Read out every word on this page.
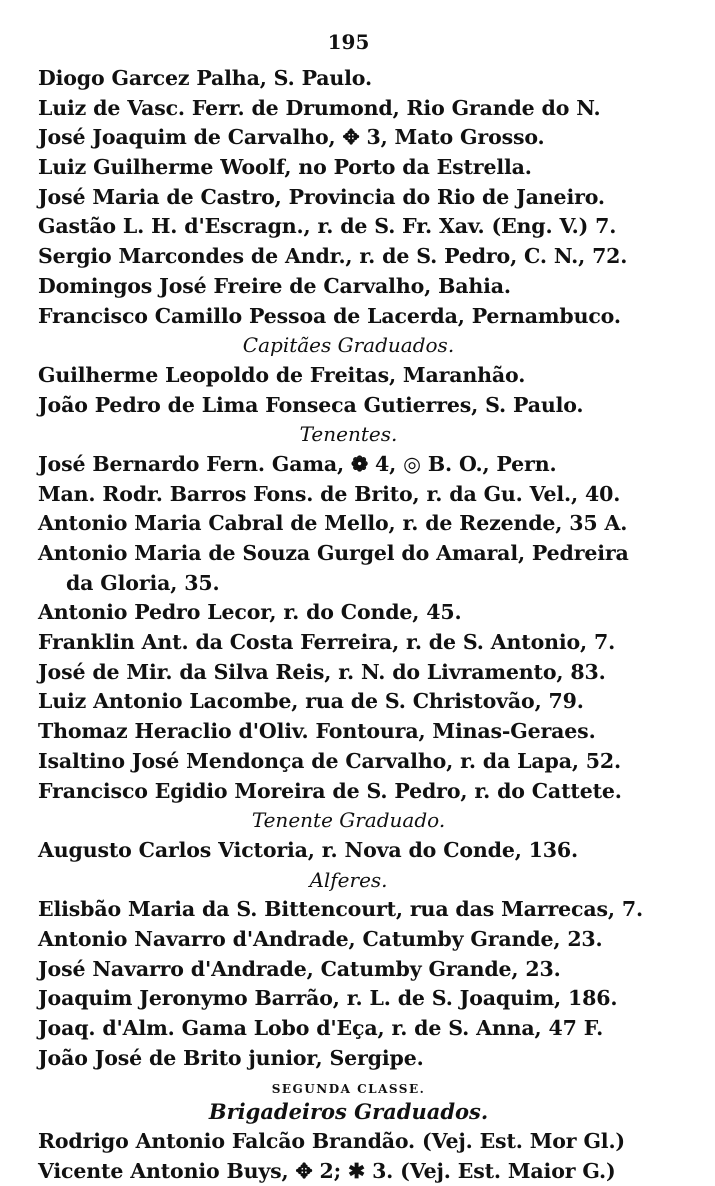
195
Diogo Garcez Palha, S. Paulo.
Luiz de Vasc. Ferr. de Drumond, Rio Grande do N.
José Joaquim de Carvalho, ✥ 3, Mato Grosso.
Luiz Guilherme Woolf, no Porto da Estrella.
José Maria de Castro, Provincia do Rio de Janeiro.
Gastão L. H. d'Escragn., r. de S. Fr. Xav. (Eng. V.) 7.
Sergio Marcondes de Andr., r. de S. Pedro, C. N., 72.
Domingos José Freire de Carvalho, Bahia.
Francisco Camillo Pessoa de Lacerda, Pernambuco.
Capitães Graduados.
Guilherme Leopoldo de Freitas, Maranhão.
João Pedro de Lima Fonseca Gutierres, S. Paulo.
Tenentes.
José Bernardo Fern. Gama, ❁ 4, ◎ B. O., Pern.
Man. Rodr. Barros Fons. de Brito, r. da Gu. Vel., 40.
Antonio Maria Cabral de Mello, r. de Rezende, 35 A.
Antonio Maria de Souza Gurgel do Amaral, Pedreira
da Gloria, 35.
Antonio Pedro Lecor, r. do Conde, 45.
Franklin Ant. da Costa Ferreira, r. de S. Antonio, 7.
José de Mir. da Silva Reis, r. N. do Livramento, 83.
Luiz Antonio Lacombe, rua de S. Christovão, 79.
Thomaz Heraclio d'Oliv. Fontoura, Minas-Geraes.
Isaltino José Mendonça de Carvalho, r. da Lapa, 52.
Francisco Egidio Moreira de S. Pedro, r. do Cattete.
Tenente Graduado.
Augusto Carlos Victoria, r. Nova do Conde, 136.
Alferes.
Elisbão Maria da S. Bittencourt, rua das Marrecas, 7.
Antonio Navarro d'Andrade, Catumby Grande, 23.
José Navarro d'Andrade, Catumby Grande, 23.
Joaquim Jeronymo Barrão, r. L. de S. Joaquim, 186.
Joaq. d'Alm. Gama Lobo d'Eça, r. de S. Anna, 47 F.
João José de Brito junior, Sergipe.
SEGUNDA CLASSE.
Brigadeiros Graduados.
Rodrigo Antonio Falcão Brandão. (Vej. Est. Mor Gl.)
Vicente Antonio Buys, ✥ 2; ✱ 3. (Vej. Est. Maior G.)
